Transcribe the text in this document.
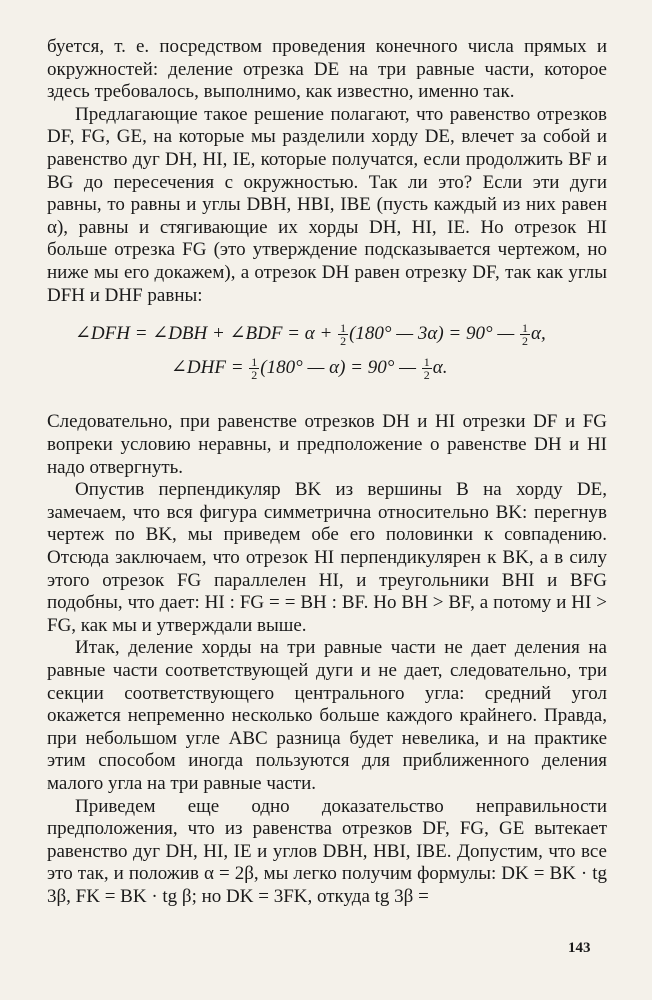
буется, т. е. посредством проведения конечного числа прямых и окружностей: деление отрезка DE на три равные части, которое здесь требовалось, выполнимо, как известно, именно так.

Предлагающие такое решение полагают, что равенство отрезков DF, FG, GE, на которые мы разделили хорду DE, влечет за собой и равенство дуг DH, HI, IE, которые получатся, если продолжить BF и BG до пересечения с окружностью. Так ли это? Если эти дуги равны, то равны и углы DBH, HBI, IBE (пусть каждый из них равен α), равны и стягивающие их хорды DH, HI, IE. Но отрезок HI больше отрезка FG (это утверждение подсказывается чертежом, но ниже мы его докажем), а отрезок DH равен отрезку DF, так как углы DFH и DHF равны:

∠DFH = ∠DBH + ∠BDF = $\alpha + \frac{1}{2} (180^\circ$ — 3α) = 90° — $\frac{1}{2} \alpha$,
∠DHF = $\frac{1}{2} (180^\circ$ — α) = 90° — $\frac{1}{2} \alpha$.

Следовательно, при равенстве отрезков DH и HI отрезки DF и FG вопреки условию неравны, и предположение о равенстве DH и HI надо отвергнуть.

Опустив перпендикуляр BK из вершины B на хорду DE, замечаем, что вся фигура симметрична относительно BK: перегнув чертеж по BK, мы приведем обе его половинки к совпадению. Отсюда заключаем, что отрезок HI перпендикулярен к BK, а в силу этого отрезок FG параллелен HI, и треугольники BHI и BFG подобны, что дает: HI : FG = = BH : BF. Но BH > BF, а потому и HI > FG, как мы и утверждали выше.

Итак, деление хорды на три равные части не дает деления на равные части соответствующей дуги и не дает, следовательно, три секции соответствующего центрального угла: средний угол окажется непременно несколько больше каждого крайнего. Правда, при небольшом угле ABC разница будет невелика, и на практике этим способом иногда пользуются для приближенного деления малого угла на три равные части.

Приведем еще одно доказательство неправильности предположения, что из равенства отрезков DF, FG, GE вытекает равенство дуг DH, HI, IE и углов DBH, HBI, IBE. Допустим, что все это так, и положив α = 2β, мы легко получим формулы: DK = BK · tg 3β, FK = BK · tg β; но DK = 3FK, откуда tg 3β =

143
